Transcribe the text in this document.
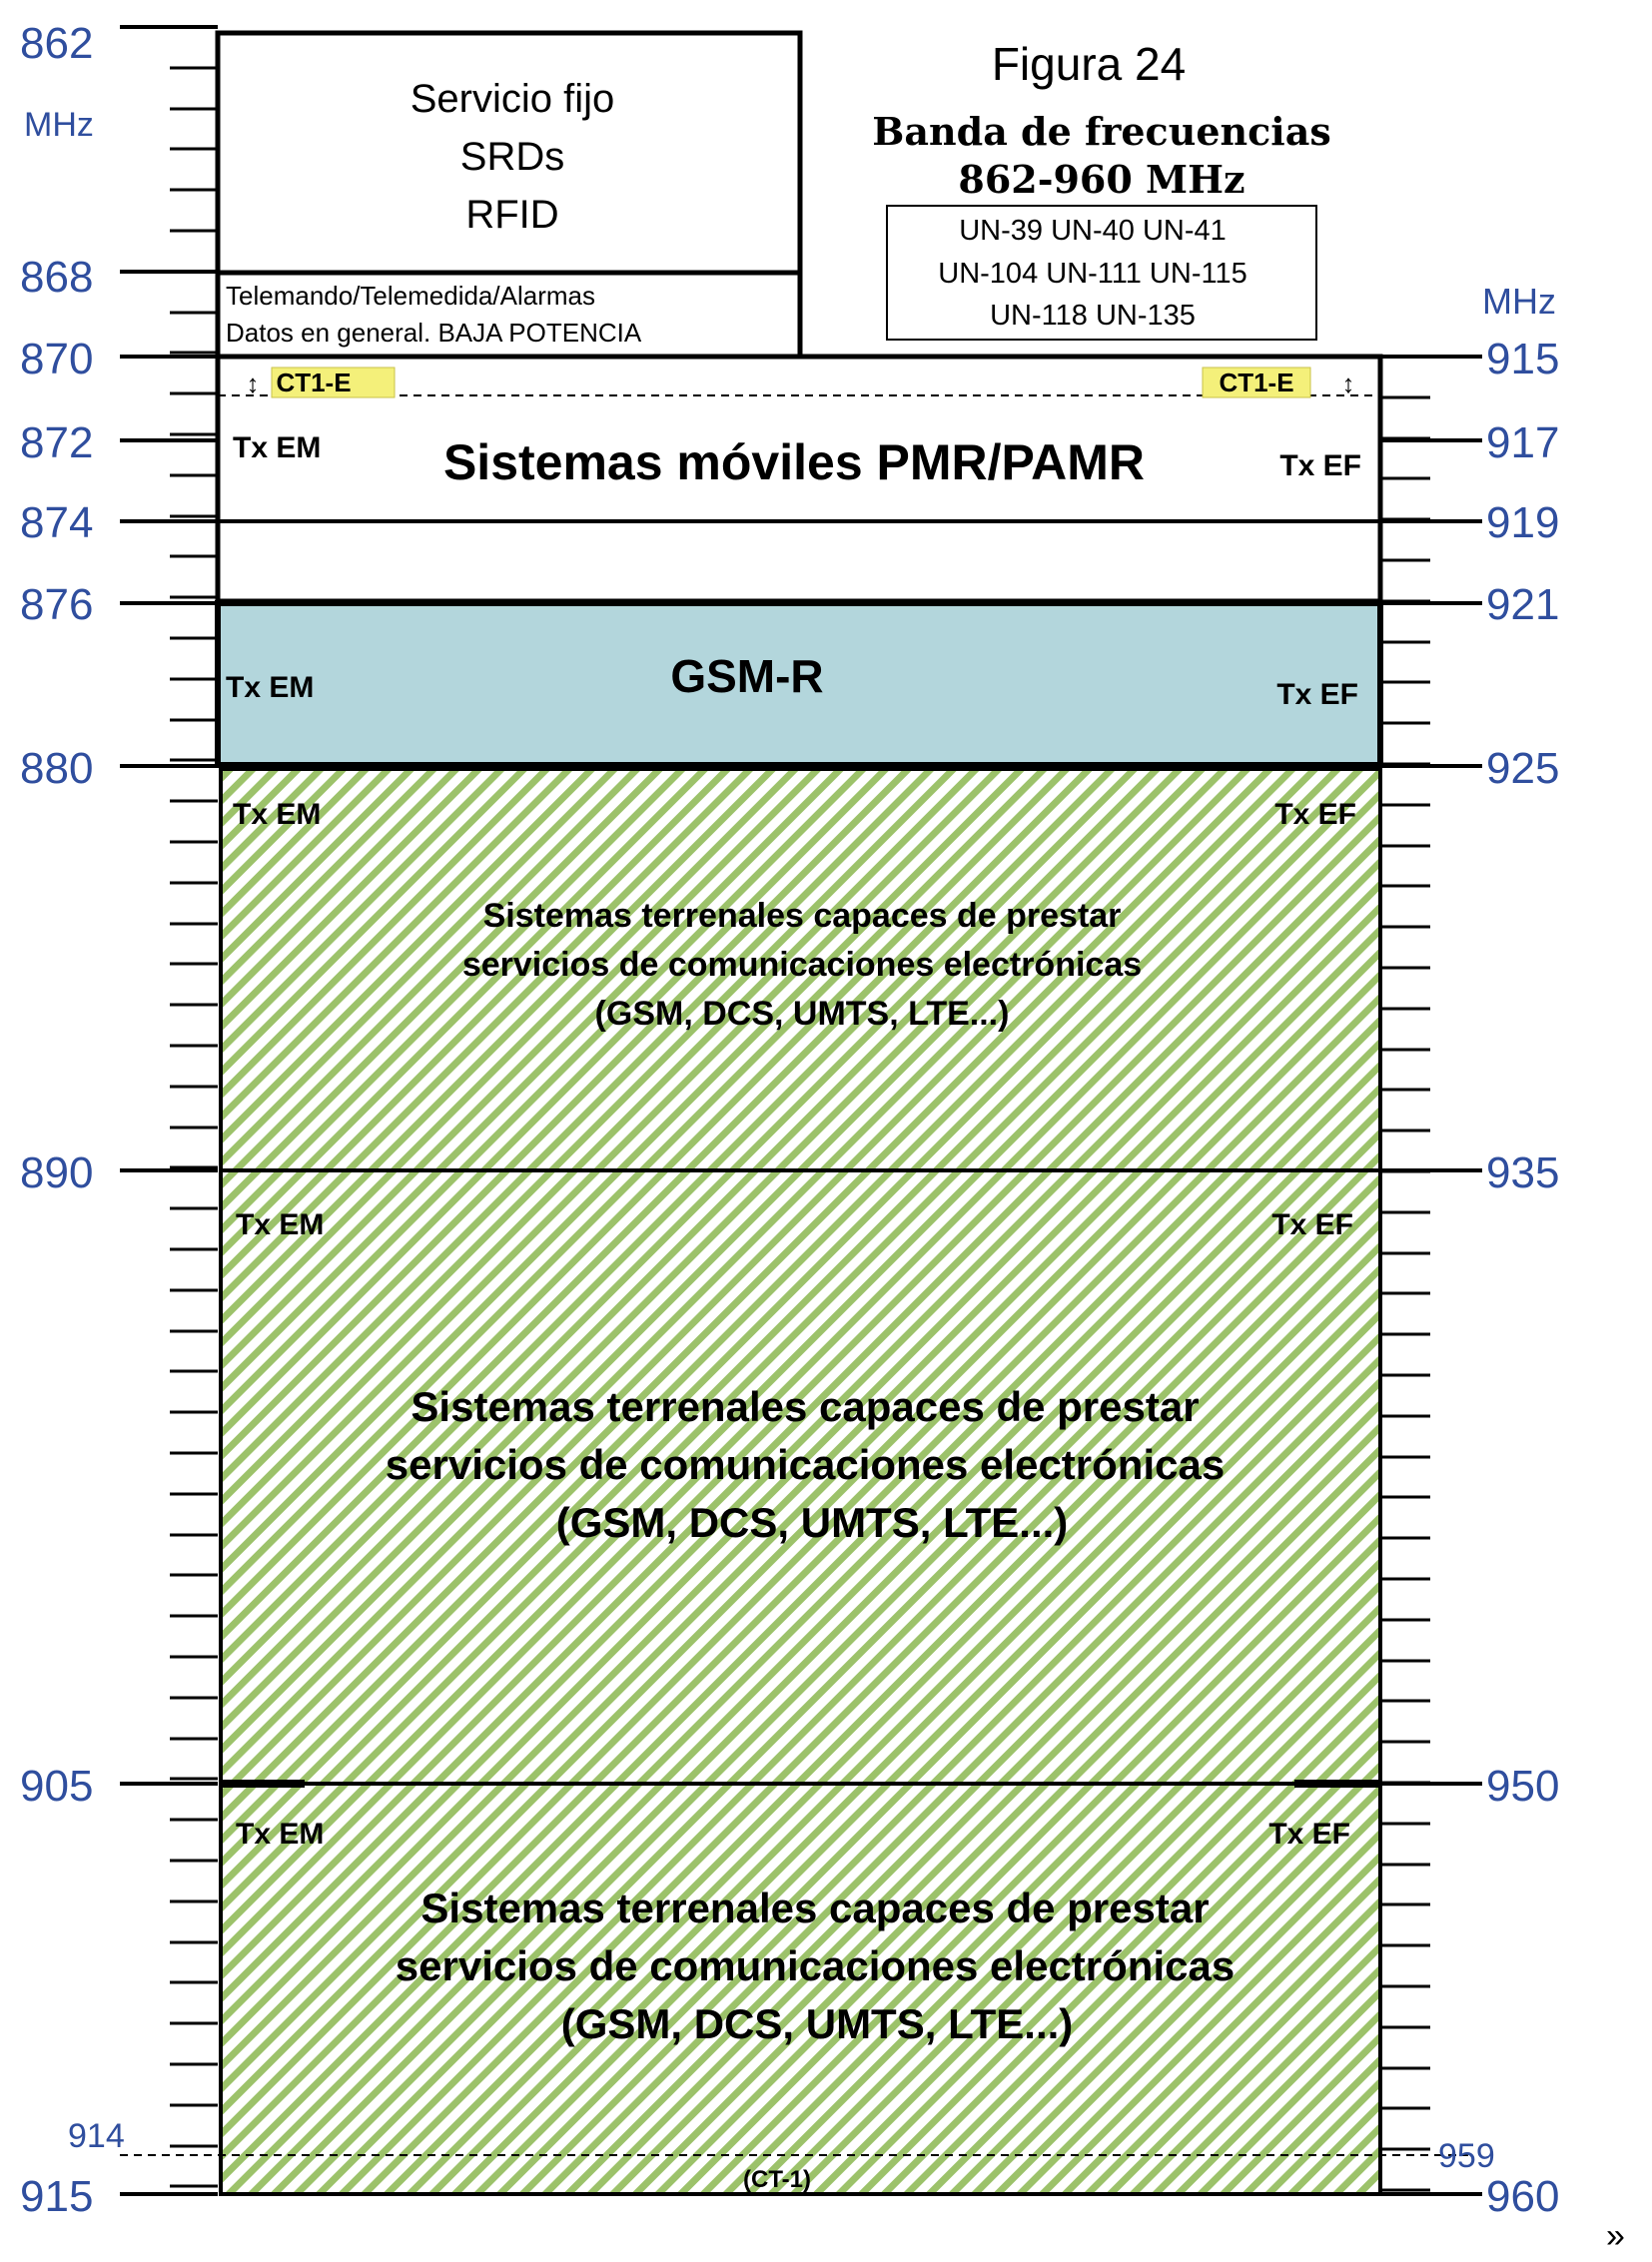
CT1-E	CT1-E
↕	↕
Figura 24
Banda de frecuencias
862-960 MHz
UN-39 UN-40 UN-41
UN-104 UN-111 UN-115
UN-118 UN-135
Servicio fijo
SRDs
RFID
Telemando/Telemedida/Alarmas
Datos en general. BAJA POTENCIA
Sistemas móviles PMR/PAMR
Tx EM
Tx EF
GSM-R
Tx EM	Tx EF
Tx EM	Tx EF
Sistemas terrenales capaces de prestar
servicios de comunicaciones electrónicas
(GSM, DCS, UMTS, LTE...)
Tx EM	Tx EF
Sistemas terrenales capaces de prestar
servicios de comunicaciones electrónicas
(GSM, DCS, UMTS, LTE...)
Tx EM	Tx EF
Sistemas terrenales capaces de prestar
servicios de comunicaciones electrónicas
(GSM, DCS, UMTS, LTE...)
(CT-1)
862
MHz
868
870
872
874
876
880
890
905
914
915
MHz
915
917
919
921
925
935
950
959
960
»
